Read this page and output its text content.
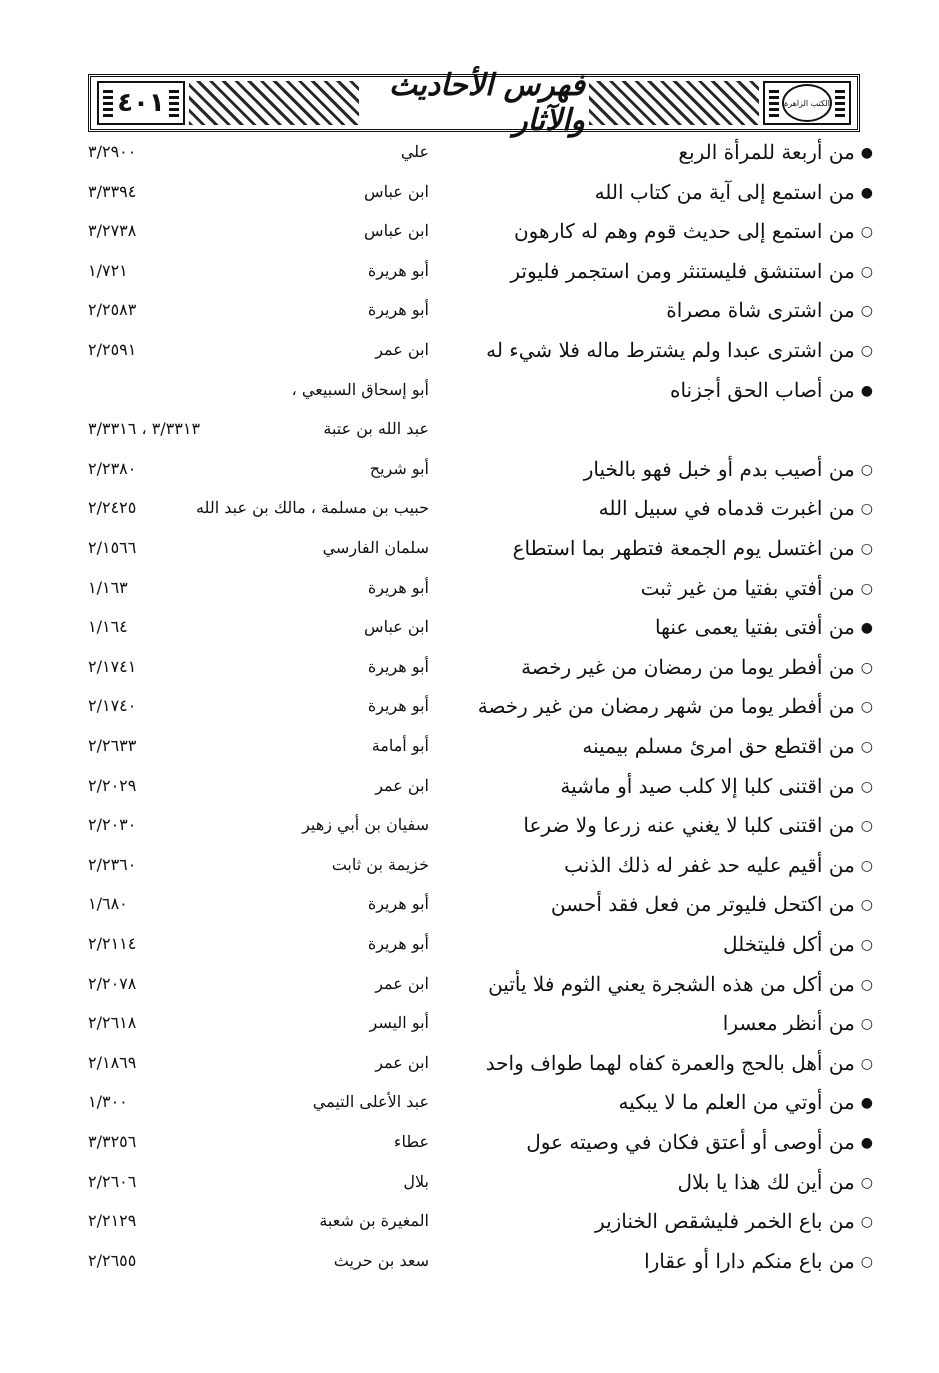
٤٠١	فهرس الأحاديث والآثار	الكتب الزاهرة
●من أربعة للمرأة الربع
علي
٣/٢٩٠٠
●من استمع إلى آية من كتاب الله
ابن عباس
٣/٣٣٩٤
○من استمع إلى حديث قوم وهم له كارهون
ابن عباس
٣/٢٧٣٨
○من استنشق فليستنثر ومن استجمر فليوتر
أبو هريرة
١/٧٢١
○من اشترى شاة مصراة
أبو هريرة
٢/٢٥٨٣
○من اشترى عبدا ولم يشترط ماله فلا شيء له
ابن عمر
٢/٢٥٩١
●من أصاب الحق أجزناه
أبو إسحاق السبيعي ،
عبد الله بن عتبة
٣/٣٣١٣ ، ٣/٣٣١٦
○من أصيب بدم أو خبل فهو بالخيار
أبو شريح
٢/٢٣٨٠
○من اغبرت قدماه في سبيل الله
حبيب بن مسلمة ، مالك بن عبد الله
٢/٢٤٢٥
○من اغتسل يوم الجمعة فتطهر بما استطاع
سلمان الفارسي
٢/١٥٦٦
○من أفتي بفتيا من غير ثبت
أبو هريرة
١/١٦٣
●من أفتى بفتيا يعمى عنها
ابن عباس
١/١٦٤
○من أفطر يوما من رمضان من غير رخصة
أبو هريرة
٢/١٧٤١
○من أفطر يوما من شهر رمضان من غير رخصة
أبو هريرة
٢/١٧٤٠
○من اقتطع حق امرئ مسلم بيمينه
أبو أمامة
٢/٢٦٣٣
○من اقتنى كلبا إلا كلب صيد أو ماشية
ابن عمر
٢/٢٠٢٩
○من اقتنى كلبا لا يغني عنه زرعا ولا ضرعا
سفيان بن أبي زهير
٢/٢٠٣٠
○من أقيم عليه حد غفر له ذلك الذنب
خزيمة بن ثابت
٢/٢٣٦٠
○من اكتحل فليوتر من فعل فقد أحسن
أبو هريرة
١/٦٨٠
○من أكل فليتخلل
أبو هريرة
٢/٢١١٤
○من أكل من هذه الشجرة يعني الثوم فلا يأتين
ابن عمر
٢/٢٠٧٨
○من أنظر معسرا
أبو اليسر
٢/٢٦١٨
○من أهل بالحج والعمرة كفاه لهما طواف واحد
ابن عمر
٢/١٨٦٩
●من أوتي من العلم ما لا يبكيه
عبد الأعلى التيمي
١/٣٠٠
●من أوصى أو أعتق فكان في وصيته عول
عطاء
٣/٣٢٥٦
○من أين لك هذا يا بلال
بلال
٢/٢٦٠٦
○من باع الخمر فليشقص الخنازير
المغيرة بن شعبة
٢/٢١٢٩
○من باع منكم دارا أو عقارا
سعد بن حريث
٢/٢٦٥٥
